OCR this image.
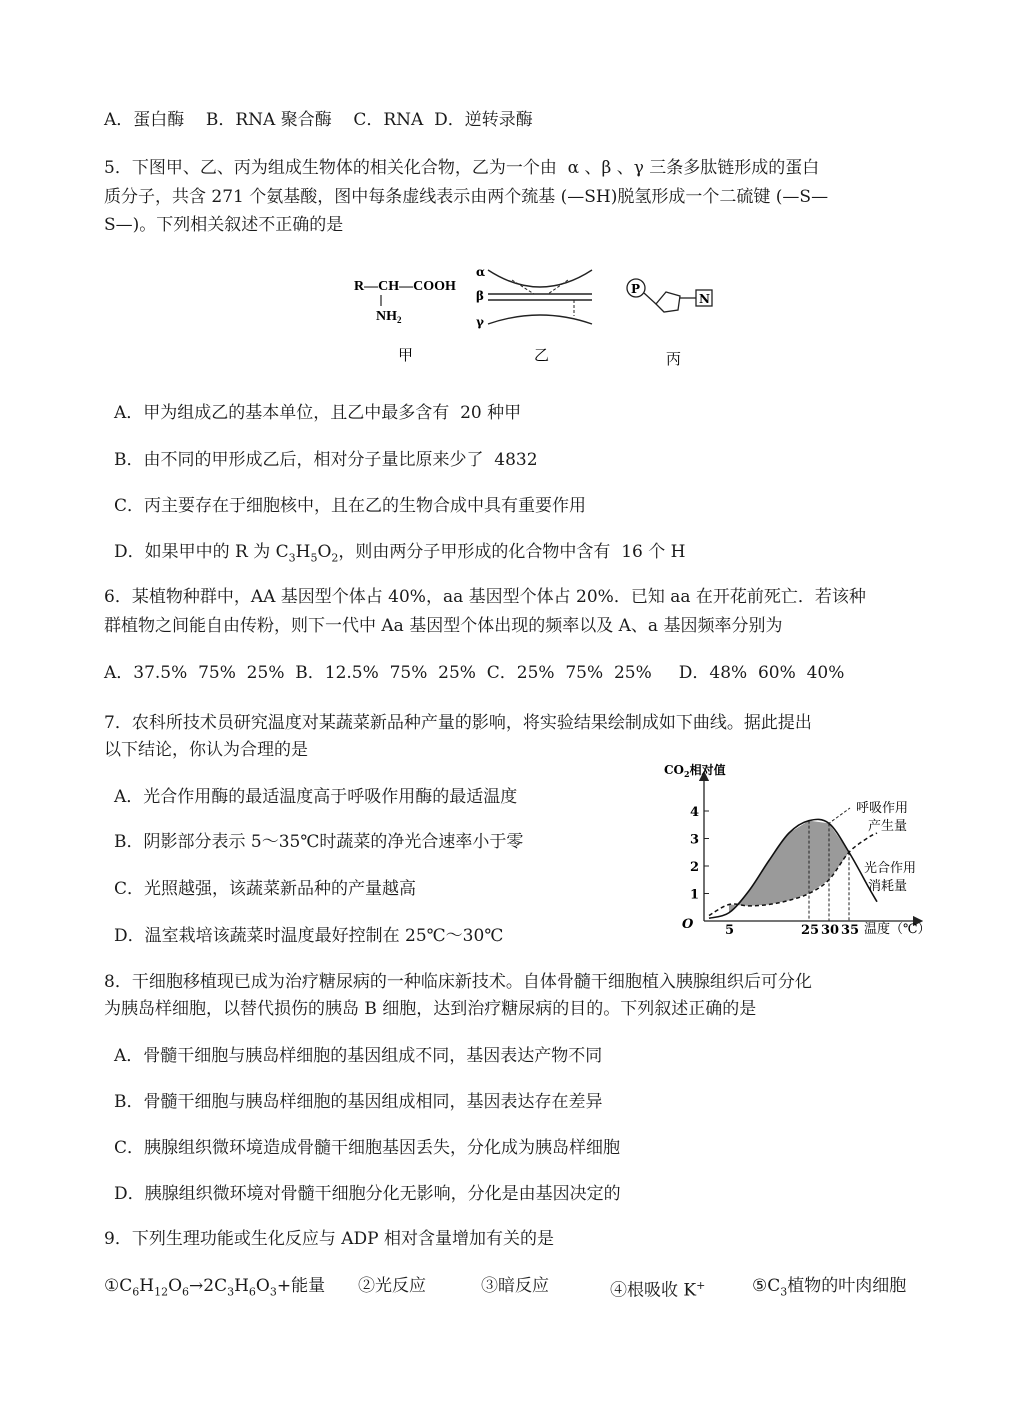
A．蛋白酶    B．RNA 聚合酶    C．RNA  D．逆转录酶
5．下图甲、乙、丙为组成生物体的相关化合物，乙为一个由  α 、β 、γ 三条多肽链形成的蛋白
质分子，共含 271 个氨基酸，图中每条虚线表示由两个巯基 (—SH)脱氢形成一个二硫键 (—S—
S—)。下列相关叙述不正确的是
R—CH—COOH
$NH_2$
α
β
γ
P
N
甲	乙	丙
A．甲为组成乙的基本单位，且乙中最多含有  20 种甲
B．由不同的甲形成乙后，相对分子量比原来少了  4832
C．丙主要存在于细胞核中，且在乙的生物合成中具有重要作用
D．如果甲中的 R 为 $C_3H_5O_2$，则由两分子甲形成的化合物中含有  16 个 H
6．某植物种群中，AA 基因型个体占 40%，aa 基因型个体占 20%．已知 aa 在开花前死亡．若该种
群植物之间能自由传粉，则下一代中 Aa 基因型个体出现的频率以及 A、a 基因频率分别为
A．37.5%  75%  25%  B．12.5%  75%  25%  C．25%  75%  25%     D．48%  60%  40%
7．农科所技术员研究温度对某蔬菜新品种产量的影响，将实验结果绘制成如下曲线。据此提出
以下结论，你认为合理的是
A．光合作用酶的最适温度高于呼吸作用酶的最适温度
B．阴影部分表示 5～35℃时蔬菜的净光合速率小于零
C．光照越强，该蔬菜新品种的产量越高
D．温室栽培该蔬菜时温度最好控制在 25℃～30℃
$CO_2$相对值
温度（℃）
O
1
2
3
4
5	25 30 35
呼吸作用
产生量
光合作用
消耗量
8．干细胞移植现已成为治疗糖尿病的一种临床新技术。自体骨髓干细胞植入胰腺组织后可分化
为胰岛样细胞，以替代损伤的胰岛 B 细胞，达到治疗糖尿病的目的。下列叙述正确的是
A．骨髓干细胞与胰岛样细胞的基因组成不同，基因表达产物不同
B．骨髓干细胞与胰岛样细胞的基因组成相同，基因表达存在差异
C．胰腺组织微环境造成骨髓干细胞基因丢失，分化成为胰岛样细胞
D．胰腺组织微环境对骨髓干细胞分化无影响，分化是由基因决定的
9．下列生理功能或生化反应与 ADP 相对含量增加有关的是
$①C_6H_{12}O_6\to 2C_3H_6O_3+$能量 ②光反应	③暗反应	④根吸收 K+	$⑤C_3$植物的叶肉细胞
